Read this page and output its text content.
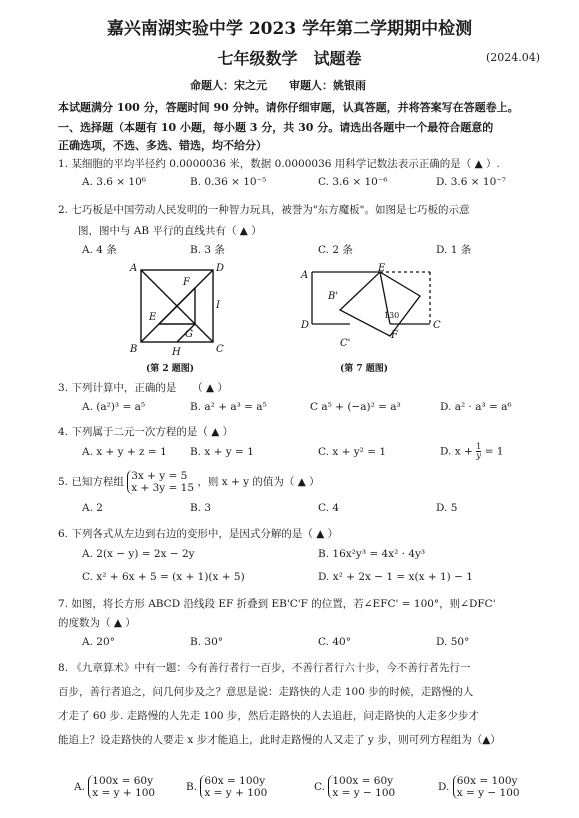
嘉兴南湖实验中学 2023 学年第二学期期中检测
七年级数学　试题卷	(2024.04)
命题人：宋之元　　审题人：姚银雨
本试题满分 100 分，答题时间 90 分钟。请你仔细审题，认真答题，并将答案写在答题卷上。
一、选择题（本题有 10 小题，每小题 3 分，共 30 分。请选出各题中一个最符合题意的
正确选项，不选、多选、错选，均不给分）
1. 某细胞的平均半径约 0.0000036 米，数据 0.0000036 用科学记数法表示正确的是（ ▲ ）.
A. 3.6 × 10⁶	B. 0.36 × 10⁻⁵	C. 3.6 × 10⁻⁶	D. 3.6 × 10⁻⁷
2. 七巧板是中国劳动人民发明的一种智力玩具，被誉为"东方魔板"。如图是七巧板的示意
图，图中与 AB 平行的直线共有（ ▲ ）
A. 4 条	B. 3 条	C. 2 条	D. 1 条
A	D
F
I
E
G
B	H	C
(第 2 题图)
A
E
B'
D
C'
F
C
130
(第 7 题图)
3. 下列计算中，正确的是　　（ ▲ ）
A. (a²)³ = a⁵	B. a² + a³ = a⁵	C a⁵ + (−a)² = a³	D. a² · a³ = a⁶
4. 下列属于二元一次方程的是（ ▲ ）
A. x + y + z = 1 B. x + y = 1	C. x + y² = 1	D. $x + \frac{1}{y} = 1$
5. 已知方程组 3x + y = 5
x + 3y = 15 ，则 x + y 的值为（ ▲ ）
A. 2	B. 3	C. 4	D. 5
6. 下列各式从左边到右边的变形中，是因式分解的是（ ▲ ）
A. 2(x − y) = 2x − 2y	B. 16x²y³ = 4x² · 4y³
C. x² + 6x + 5 = (x + 1)(x + 5)	D. x² + 2x − 1 = x(x + 1) − 1
7. 如图，将长方形 ABCD 沿线段 EF 折叠到 EB'C'F 的位置，若∠EFC' = 100°，则∠DFC'
的度数为（ ▲ ）
A. 20°	B. 30°	C. 40°	D. 50°
8. 《九章算术》中有一题：今有善行者行一百步，不善行者行六十步，今不善行者先行一
百步，善行者追之，问几何步及之？意思是说：走路快的人走 100 步的时候，走路慢的人
才走了 60 步. 走路慢的人先走 100 步，然后走路快的人去追赶，问走路快的人走多少步才
能追上？设走路快的人要走 x 步才能追上，此时走路慢的人又走了 y 步，则可列方程组为（▲）
A. 100x = 60y
x = y + 100	B. 60x = 100y
x = y + 100	C. 100x = 60y
x = y − 100	D. 60x = 100y
x = y − 100
